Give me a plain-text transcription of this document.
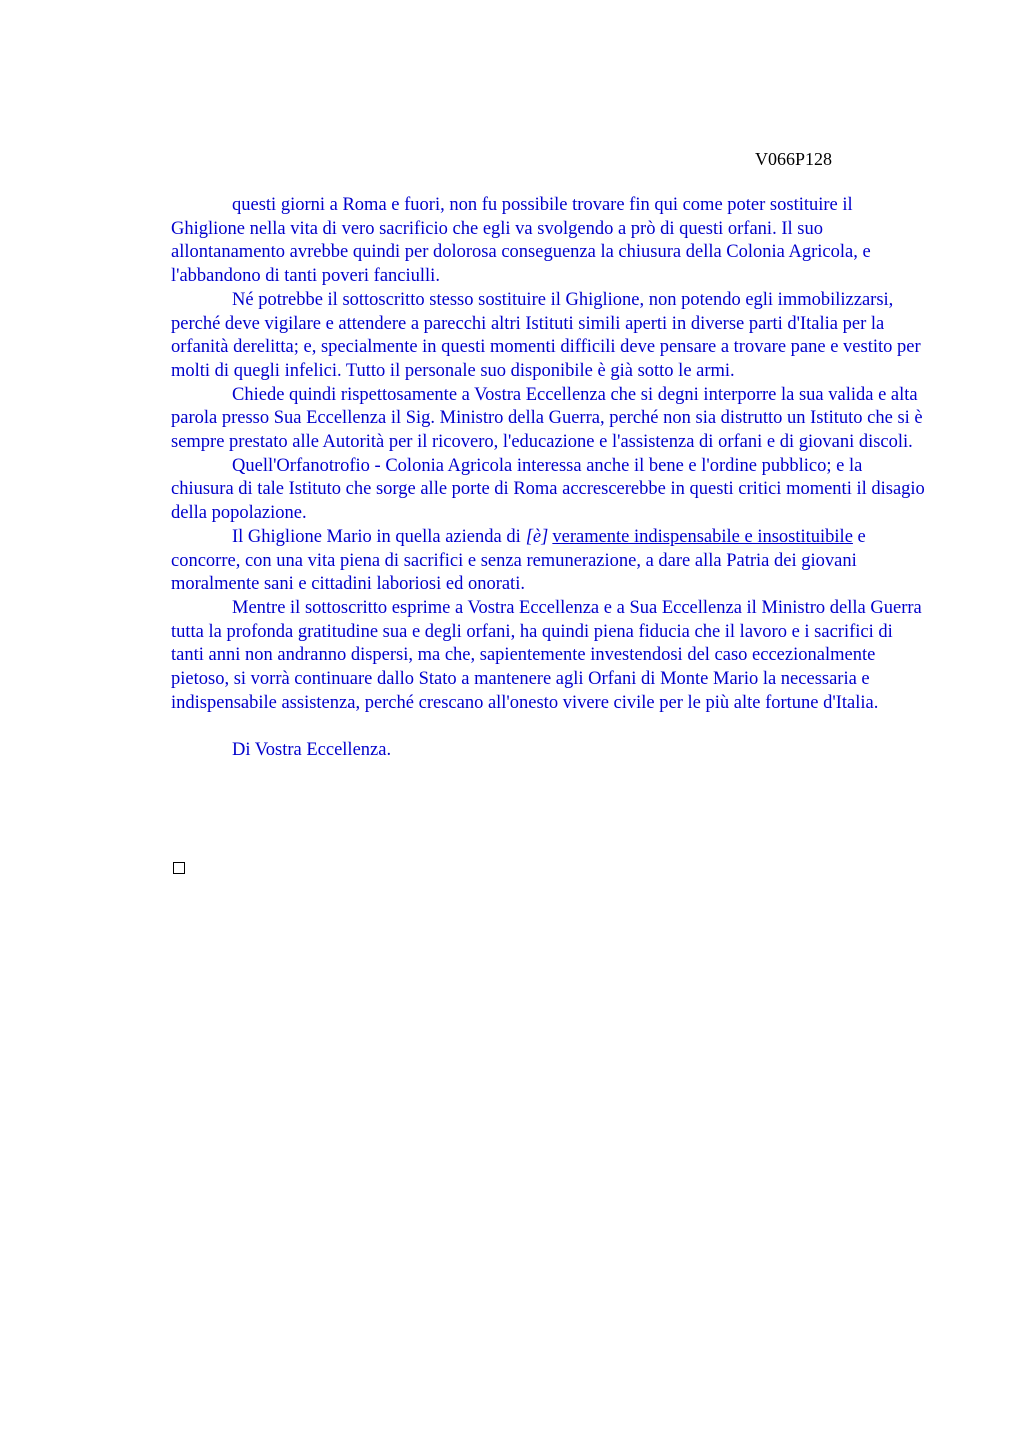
V066P128

questi giorni a Roma e fuori, non fu possibile trovare fin qui come poter sostituire il Ghiglione nella vita di vero sacrificio che egli va svolgendo a prò di questi orfani. Il suo allontanamento avrebbe quindi per dolorosa conseguenza la chiusura della Colonia Agricola, e l'abbandono di tanti poveri fanciulli.

Né potrebbe il sottoscritto stesso sostituire il Ghiglione, non potendo egli immobilizzarsi, perché deve vigilare e attendere a parecchi altri Istituti simili aperti in diverse parti d'Italia per la orfanità derelitta; e, specialmente in questi momenti difficili deve pensare a trovare pane e vestito per molti di quegli infelici. Tutto il personale suo disponibile è già sotto le armi.

Chiede quindi rispettosamente a Vostra Eccellenza che si degni interporre la sua valida e alta parola presso Sua Eccellenza il Sig. Ministro della Guerra, perché non sia distrutto un Istituto che si è sempre prestato alle Autorità per il ricovero, l'educazione e l'assistenza di orfani e di giovani discoli.

Quell'Orfanotrofio - Colonia Agricola interessa anche il bene e l'ordine pubblico; e la chiusura di tale Istituto che sorge alle porte di Roma accrescerebbe in questi critici momenti il disagio della popolazione.

Il Ghiglione Mario in quella azienda di [è] veramente indispensabile e insostituibile e concorre, con una vita piena di sacrifici e senza remunerazione, a dare alla Patria dei giovani moralmente sani e cittadini laboriosi ed onorati.

Mentre il sottoscritto esprime a Vostra Eccellenza e a Sua Eccellenza il Ministro della Guerra tutta la profonda gratitudine sua e degli orfani, ha quindi piena fiducia che il lavoro e i sacrifici di tanti anni non andranno dispersi, ma che, sapientemente investendosi del caso eccezionalmente pietoso, si vorrà continuare dallo Stato a mantenere agli Orfani di Monte Mario la necessaria e indispensabile assistenza, perché crescano all'onesto vivere civile per le più alte fortune d'Italia.

Di Vostra Eccellenza.
